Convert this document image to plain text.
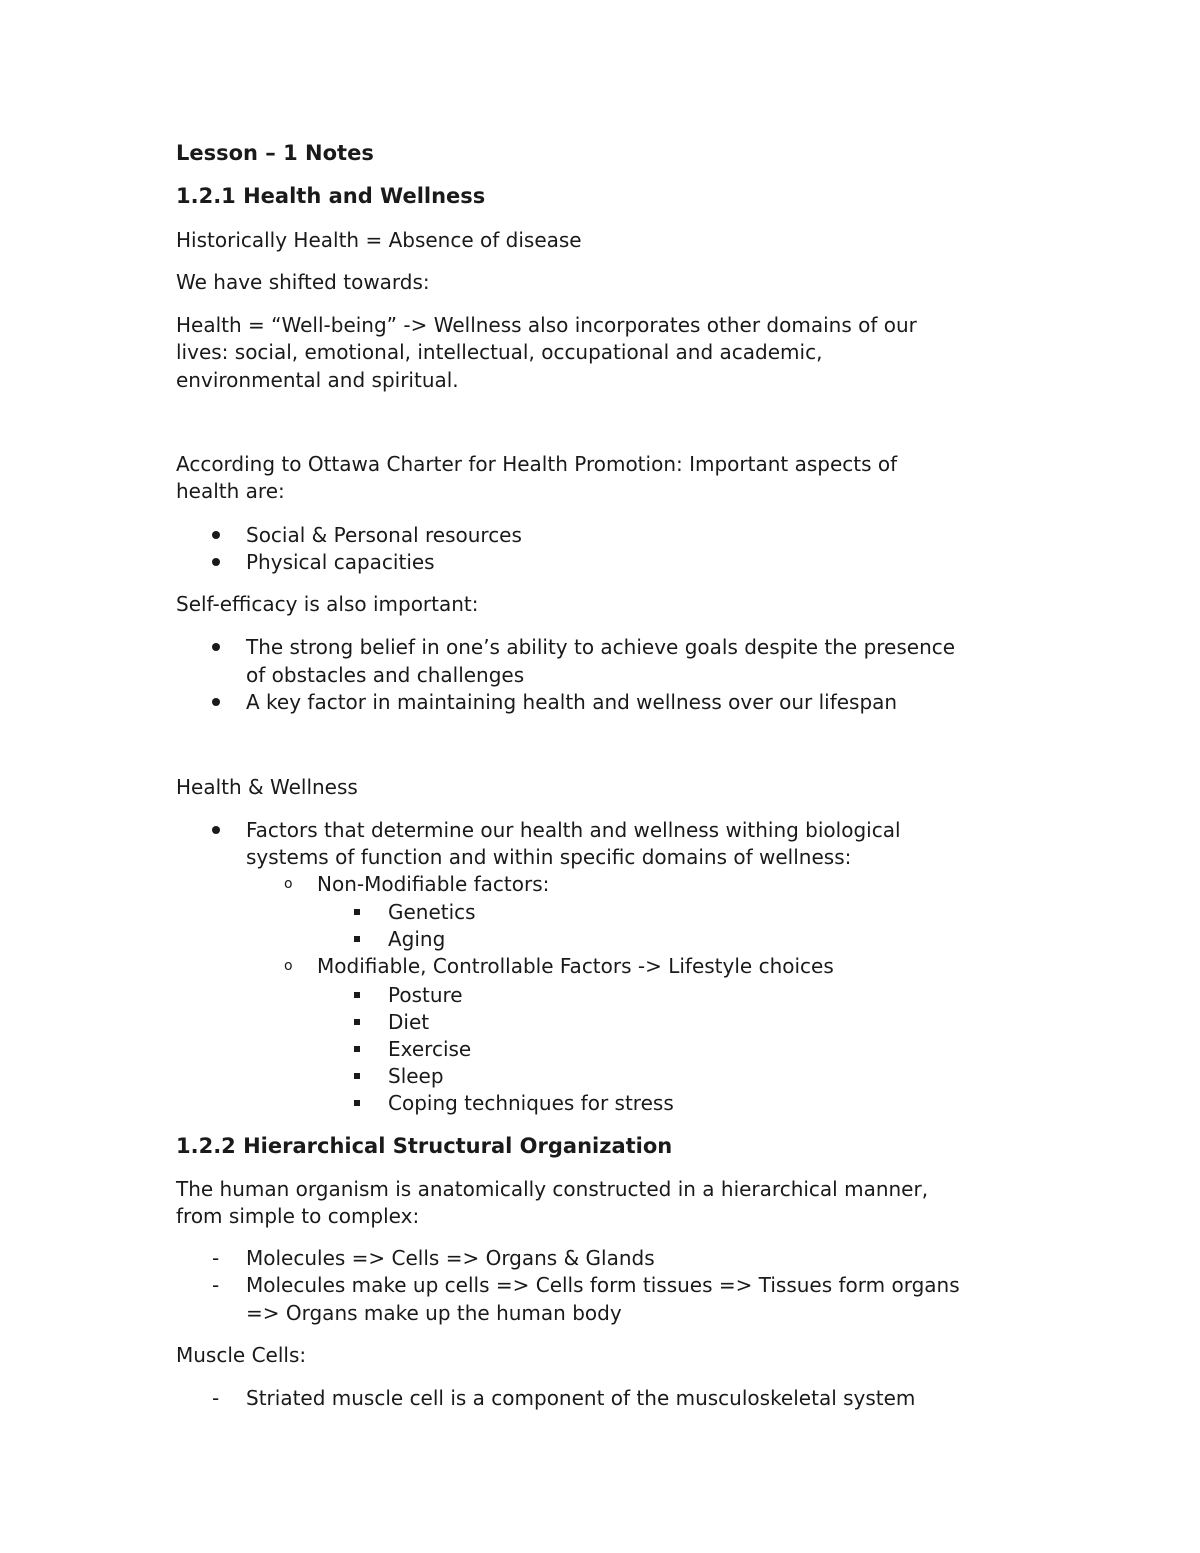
Lesson – 1 Notes
1.2.1 Health and Wellness
Historically Health = Absence of disease
We have shifted towards:
Health = “Well-being” -> Wellness also incorporates other domains of our
lives: social, emotional, intellectual, occupational and academic,
environmental and spiritual.
According to Ottawa Charter for Health Promotion: Important aspects of
health are:
Social & Personal resources
Physical capacities
Self-efficacy is also important:
The strong belief in one’s ability to achieve goals despite the presence
of obstacles and challenges
A key factor in maintaining health and wellness over our lifespan
Health & Wellness
Factors that determine our health and wellness withing biological
systems of function and within specific domains of wellness:
o Non-Modifiable factors:
Genetics
Aging
o Modifiable, Controllable Factors -> Lifestyle choices
Posture
Diet
Exercise
Sleep
Coping techniques for stress
1.2.2 Hierarchical Structural Organization
The human organism is anatomically constructed in a hierarchical manner,
from simple to complex:
- Molecules => Cells => Organs & Glands
- Molecules make up cells => Cells form tissues => Tissues form organs
=> Organs make up the human body
Muscle Cells:
- Striated muscle cell is a component of the musculoskeletal system
